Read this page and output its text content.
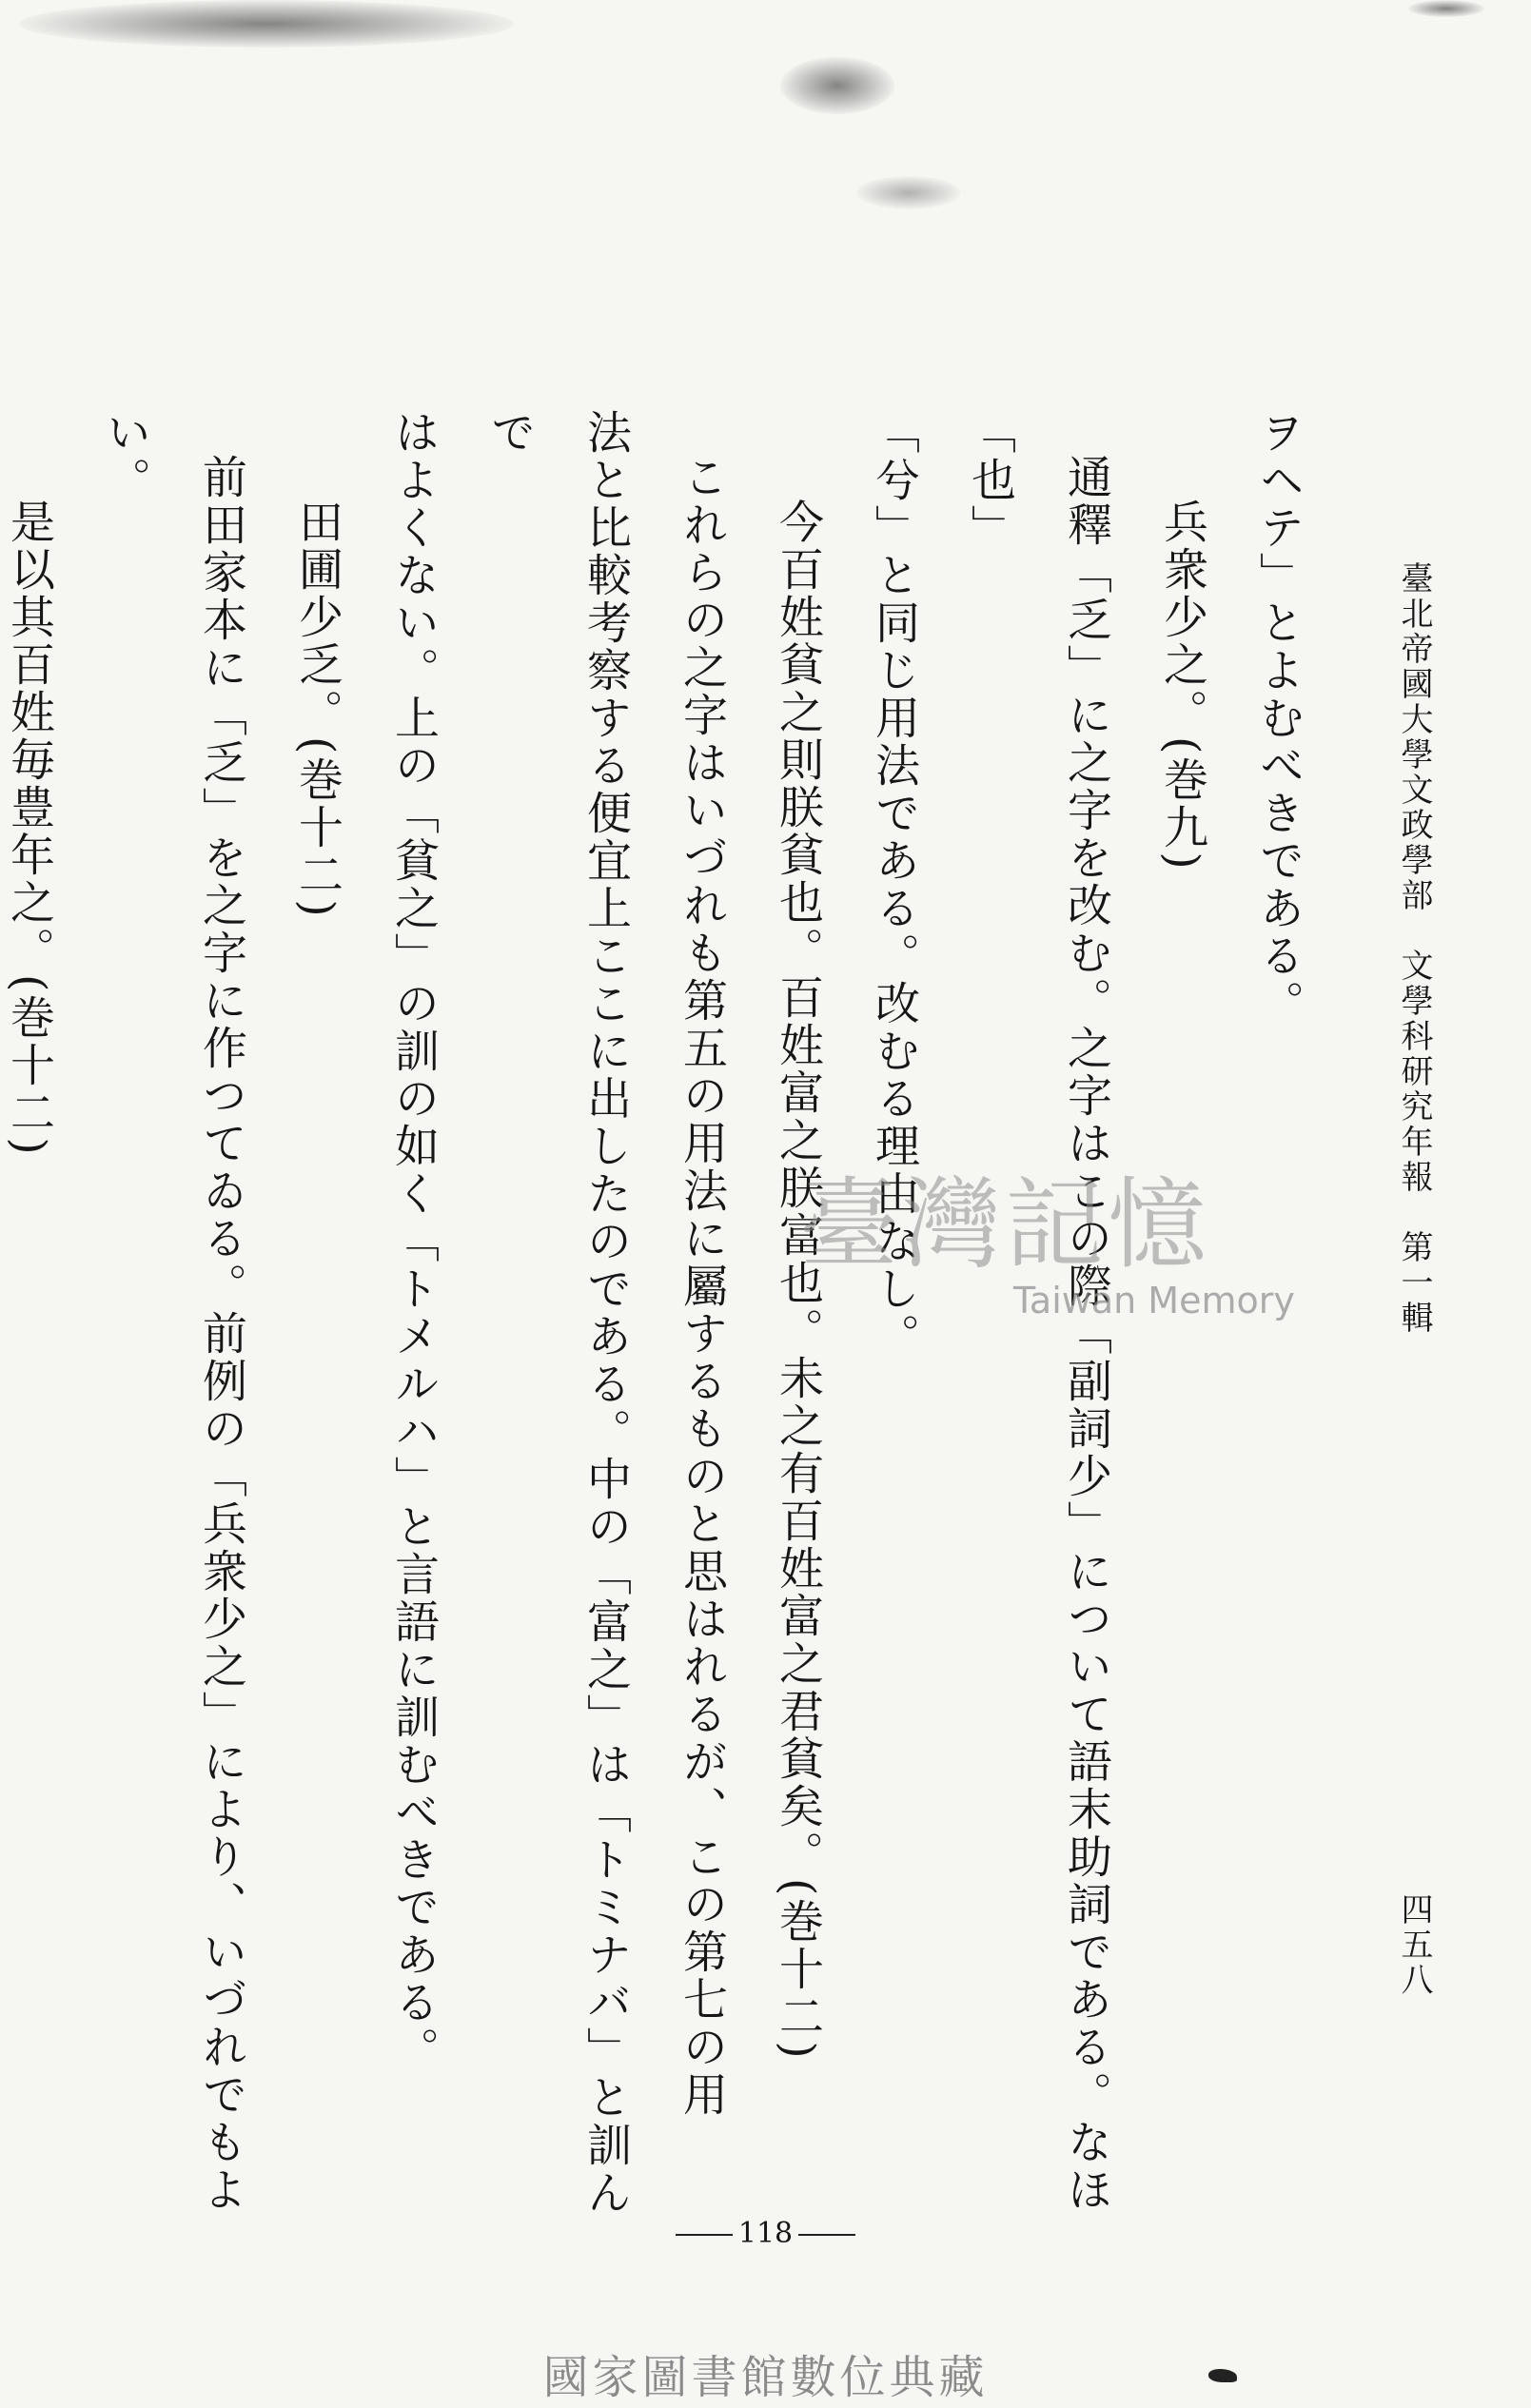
臺北帝國大學文政學部　文學科研究年報　第一輯
四五八

ヲヘテ」とよむべきである。

兵衆少之。(巻九)

通釋「乏」に之字を改む。之字はこの際「副詞少」について語末助詞である。なほ「也」

「兮」と同じ用法である。改むる理由なし。

今百姓貧之則朕貧也。百姓富之朕富也。未之有百姓富之君貧矣。(巻十二)

これらの之字はいづれも第五の用法に屬するものと思はれるが、この第七の用

法と比較考察する便宜上ここに出したのである。中の「富之」は「トミナバ」と訓んで

はよくない。上の「貧之」の訓の如く「トメルハ」と言語に訓むべきである。

田圃少乏。(巻十二)

前田家本に「乏」を之字に作つてゐる。前例の「兵衆少之」により、いづれでもよい。

是以其百姓毎豊年之。(巻十二)

臺灣記憶
Taiwan Memory
118
國家圖書館數位典藏
